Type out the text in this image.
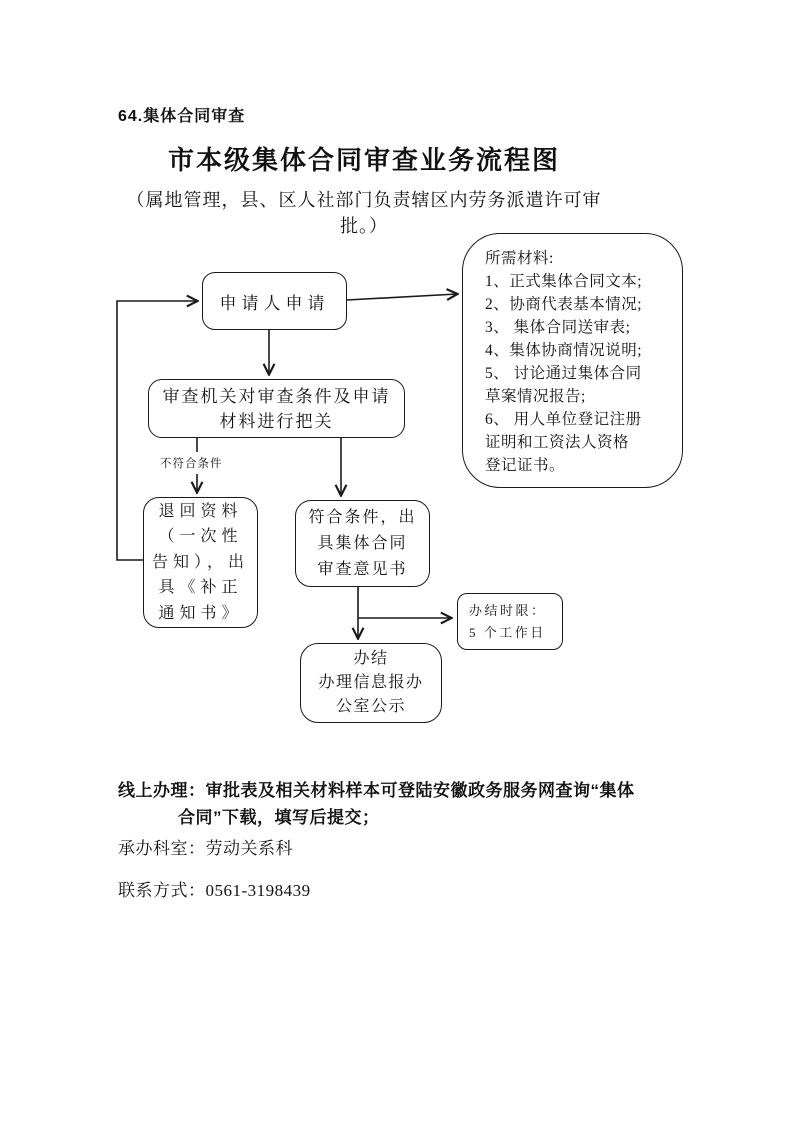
64.集体合同审查
市本级集体合同审查业务流程图
（属地管理，县、区人社部门负责辖区内劳务派遣许可审批。）
申请人申请
审查机关对审查条件及申请
材料进行把关
不符合条件
退回资料
（一次性
告知），出
具《补正
通知书》
符合条件，出
具集体合同
审查意见书
办结时限：
5 个工作日
办结
办理信息报办
公室公示
所需材料:
1、正式集体合同文本;
2、协商代表基本情况;
3、 集体合同送审表;
4、集体协商情况说明;
5、 讨论通过集体合同
草案情况报告;
6、 用人单位登记注册
证明和工资法人资格
登记证书。
线上办理：审批表及相关材料样本可登陆安徽政务服务网查询“集体
合同”下载，填写后提交；
承办科室：劳动关系科
联系方式：0561-3198439
